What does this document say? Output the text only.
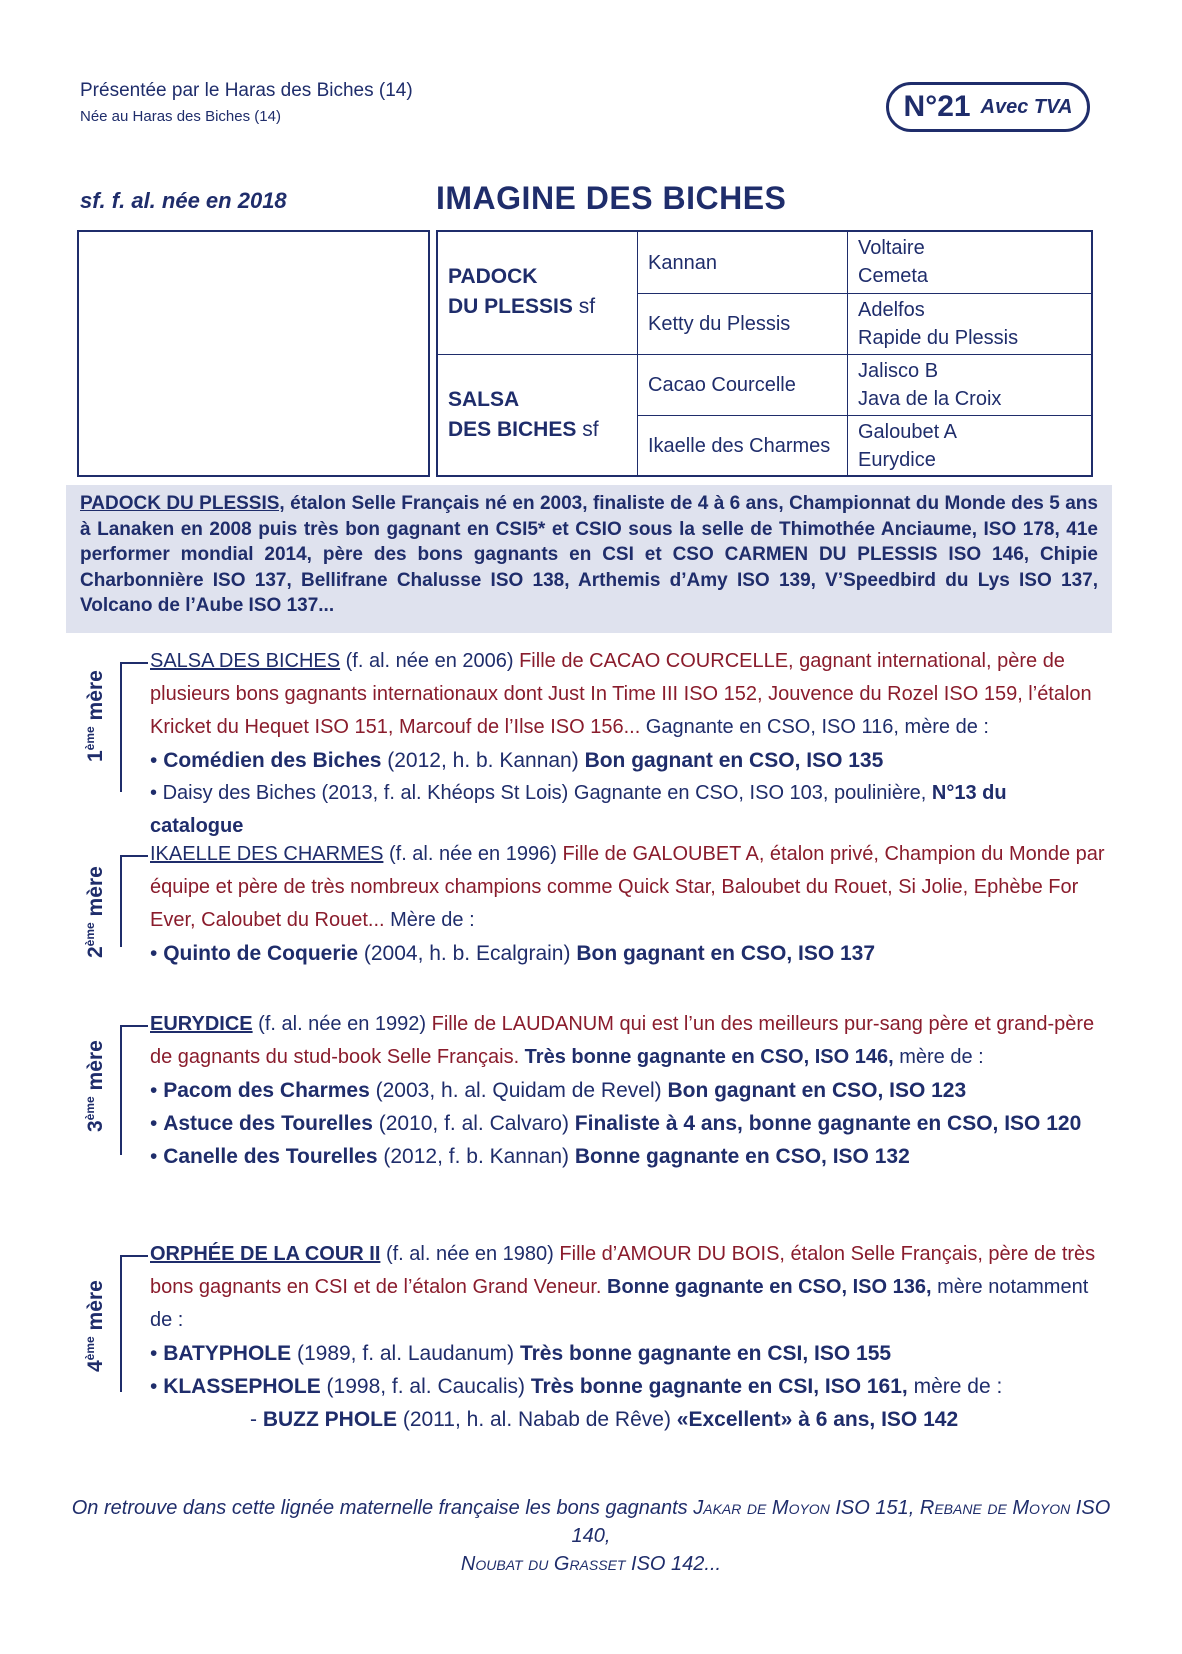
Présentée par le Haras des Biches (14)
Née au Haras des Biches (14)	N°21 Avec TVA
sf. f. al. née en 2018	IMAGINE DES BICHES
PADOCK
DU PLESSIS sf
SALSA
DES BICHES sf
Kannan
Ketty du Plessis
Cacao Courcelle
Ikaelle des Charmes
Voltaire
Cemeta
Adelfos
Rapide du Plessis
Jalisco B
Java de la Croix
Galoubet A
Eurydice
PADOCK DU PLESSIS, étalon Selle Français né en 2003, finaliste de 4 à 6 ans, Championnat du Monde des 5 ans à Lanaken en 2008 puis très bon gagnant en CSI5* et CSIO sous la selle de Thimothée Anciaume, ISO 178, 41e performer mondial 2014, père des bons gagnants en CSI et CSO CARMEN DU PLESSIS ISO 146, Chipie Charbonnière ISO 137, Bellifrane Chalusse ISO 138, Arthemis d’Amy ISO 139, V’Speedbird du Lys ISO 137, Volcano de l’Aube ISO 137...
1ème mère

SALSA DES BICHES (f. al. née en 2006) Fille de CACAO COURCELLE, gagnant international, père de plusieurs bons gagnants internationaux dont Just In Time III ISO 152, Jouvence du Rozel ISO 159, l’étalon Kricket du Hequet ISO 151, Marcouf de l’Ilse ISO 156... Gagnante en CSO, ISO 116, mère de :

• Comédien des Biches (2012, h. b. Kannan) Bon gagnant en CSO, ISO 135

• Daisy des Biches (2013, f. al. Khéops St Lois) Gagnante en CSO, ISO 103, poulinière, N°13 du catalogue

2ème mère

IKAELLE DES CHARMES (f. al. née en 1996) Fille de GALOUBET A, étalon privé, Champion du Monde par équipe et père de très nombreux champions comme Quick Star, Baloubet du Rouet, Si Jolie, Ephèbe For Ever, Caloubet du Rouet... Mère de :

• Quinto de Coquerie (2004, h. b. Ecalgrain) Bon gagnant en CSO, ISO 137

3ème mère

EURYDICE (f. al. née en 1992) Fille de LAUDANUM qui est l’un des meilleurs pur-sang père et grand-père de gagnants du stud-book Selle Français. Très bonne gagnante en CSO, ISO 146, mère de :

• Pacom des Charmes (2003, h. al. Quidam de Revel) Bon gagnant en CSO, ISO 123

• Astuce des Tourelles (2010, f. al. Calvaro) Finaliste à 4 ans, bonne gagnante en CSO, ISO 120

• Canelle des Tourelles (2012, f. b. Kannan) Bonne gagnante en CSO, ISO 132

4ème mère

ORPHÉE DE LA COUR II (f. al. née en 1980) Fille d’AMOUR DU BOIS, étalon Selle Français, père de très bons gagnants en CSI et de l’étalon Grand Veneur. Bonne gagnante en CSO, ISO 136, mère notamment de :

• BATYPHOLE (1989, f. al. Laudanum) Très bonne gagnante en CSI, ISO 155

• KLASSEPHOLE (1998, f. al. Caucalis) Très bonne gagnante en CSI, ISO 161, mère de :

- BUZZ PHOLE (2011, h. al. Nabab de Rêve) «Excellent» à 6 ans, ISO 142

On retrouve dans cette lignée maternelle française les bons gagnants Jakar de Moyon ISO 151, Rebane de Moyon ISO 140,
Noubat du Grasset ISO 142...
